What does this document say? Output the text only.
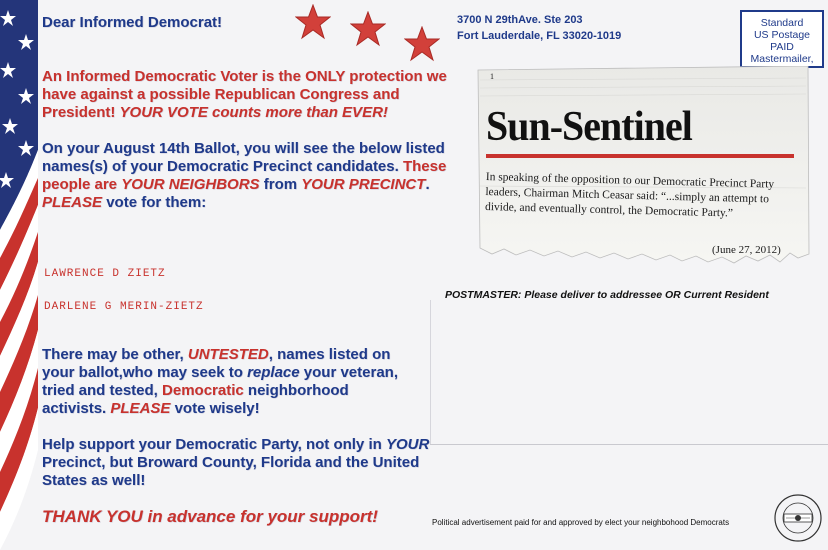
Dear Informed Democrat!
An Informed Democratic Voter is the ONLY protection we have against a possible Republican Congress and President! YOUR VOTE counts more than EVER!
On your August 14th Ballot, you will see the below listed names(s) of your Democratic Precinct candidates. These people are YOUR NEIGHBORS from YOUR PRECINCT. PLEASE vote for them:
LAWRENCE D ZIETZ
DARLENE G MERIN-ZIETZ
There may be other, UNTESTED, names listed on your ballot,who may seek to replace your veteran, tried and tested, Democratic neighborhood activists. PLEASE vote wisely!
Help support your Democratic Party, not only in YOUR Precinct, but Broward County, Florida and the United States as well!
THANK YOU in advance for your support!
3700 N 29thAve. Ste 203
Fort Lauderdale, FL 33020-1019
Standard
US Postage
PAID
Mastermailer,
1
Sun-Sentinel
In speaking of the opposition to our Democratic Precinct Party leaders, Chairman Mitch Ceasar said: “...simply an attempt to divide, and eventually control, the Democratic Party.”
(June 27, 2012)
POSTMASTER: Please deliver to addressee OR Current Resident
Political advertisement paid for and approved by elect your neighbohood Democrats
